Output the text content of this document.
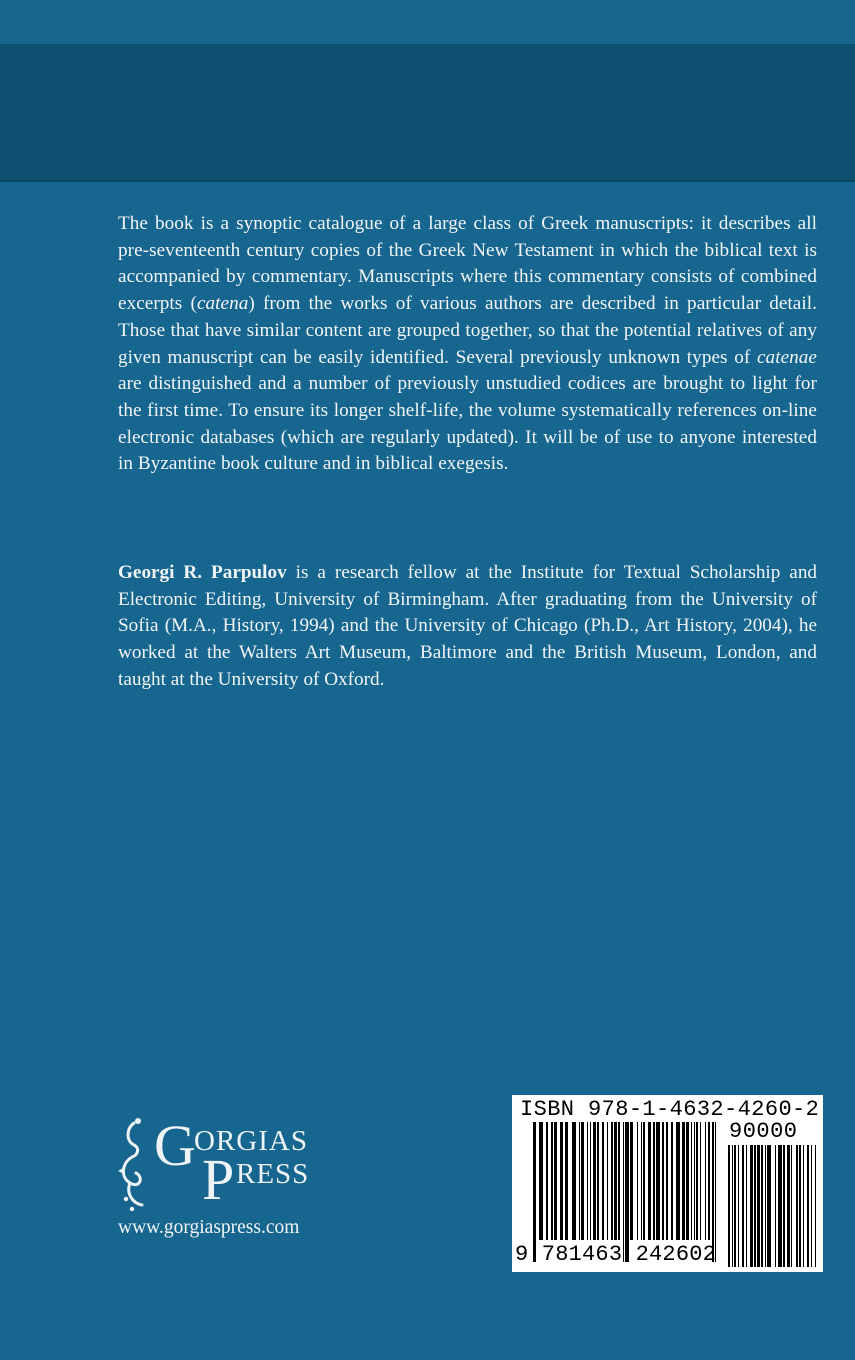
The book is a synoptic catalogue of a large class of Greek manuscripts: it describes all pre-seventeenth century copies of the Greek New Testament in which the biblical text is accompanied by commentary. Manuscripts where this commentary consists of combined excerpts (catena) from the works of various authors are described in particular detail. Those that have similar content are grouped together, so that the potential relatives of any given manuscript can be easily identified. Several previously unknown types of catenae are distinguished and a number of previously unstudied codices are brought to light for the first time. To ensure its longer shelf-life, the volume systematically references on-line electronic databases (which are regularly updated). It will be of use to anyone interested in Byzantine book culture and in biblical exegesis.

Georgi R. Parpulov is a research fellow at the Institute for Textual Scholarship and Electronic Editing, University of Birmingham. After graduating from the University of Sofia (M.A., History, 1994) and the University of Chicago (Ph.D., Art History, 2004), he worked at the Walters Art Museum, Baltimore and the British Museum, London, and taught at the University of Oxford.

G
ORGIAS
P RESS
www.gorgiaspress.com
ISBN 978-1-4632-4260-2
90000
9 781463 242602
